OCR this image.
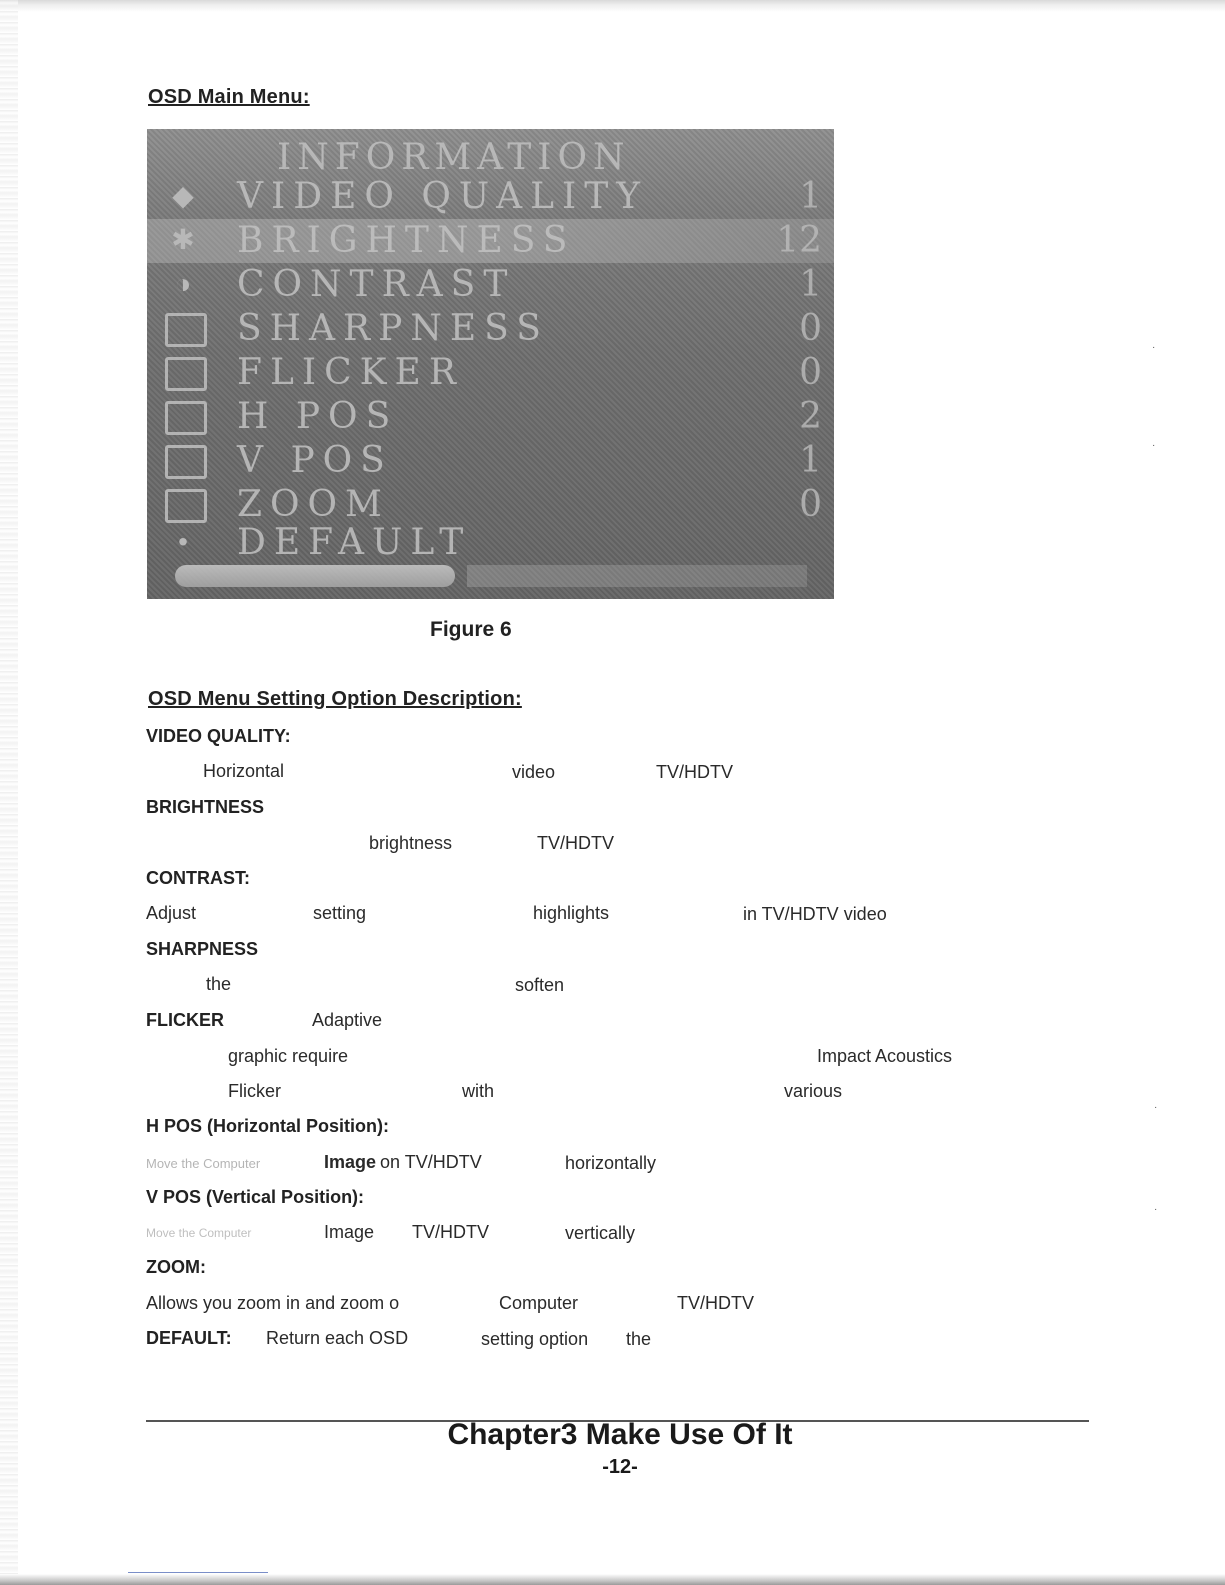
·
·
·
·
OSD Main Menu:
INFORMATION
◆	VIDEO QUALITY	1
✱ BRIGHTNESS	12
◑	CONTRAST	1
SHARPNESS	0
FLICKER	0
H POS	2
V POS	1
ZOOM	0
•	DEFAULT
Figure 6
OSD Menu Setting Option Description:
VIDEO QUALITY:
Horizontal	video	TV/HDTV
BRIGHTNESS
brightness	TV/HDTV
CONTRAST:
Adjust	setting	highlights	in TV/HDTV video
SHARPNESS
the	soften
FLICKER	Adaptive
graphic require	Impact Acoustics
Flicker	with	various
H POS (Horizontal Position):
Move the Computer	Image on TV/HDTV	horizontally
V POS (Vertical Position):
Move the Computer	Image TV/HDTV	vertically
ZOOM:
Allows you zoom in and zoom o	Computer	TV/HDTV
DEFAULT: Return each OSD	setting option the
Chapter3 Make Use Of It
-12-
